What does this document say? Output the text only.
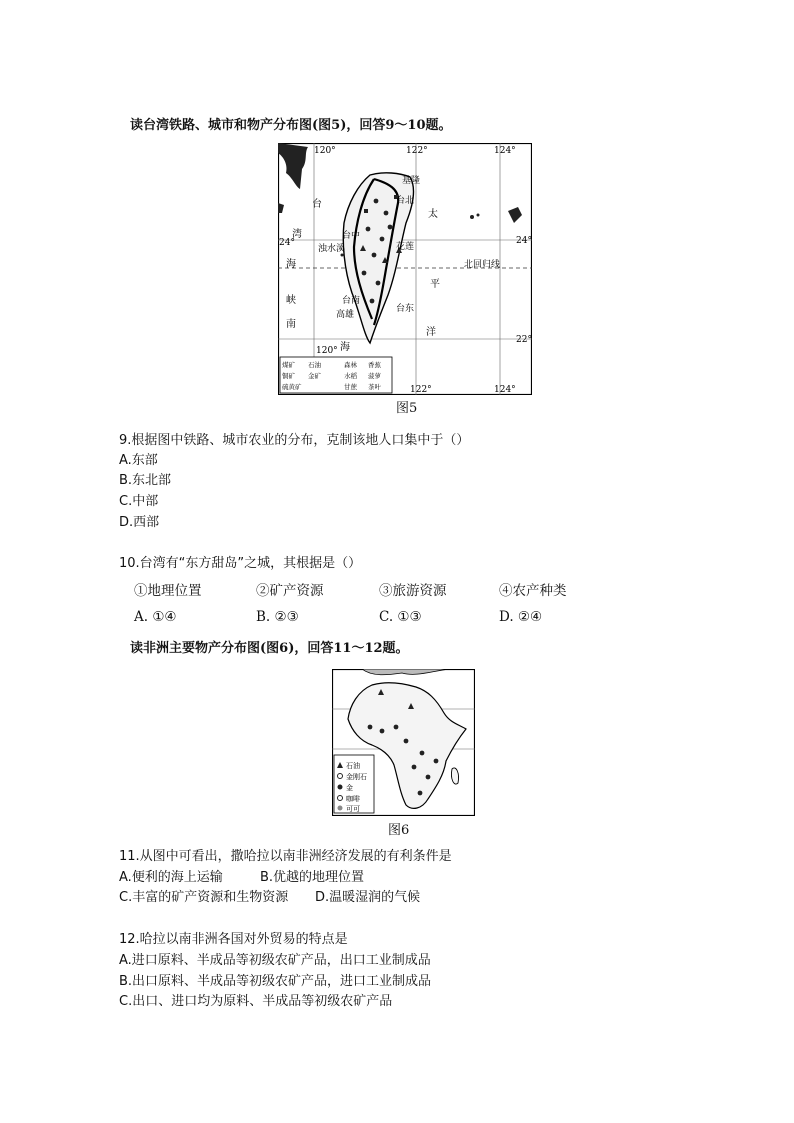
读台湾铁路、城市和物产分布图(图5)，回答9～10题。
120°	122°	124°
120°
122°	124°
24°	24°
22°
北回归线
台
湾
海
峡
南
海
太
平
洋
基隆
台北
台中
浊水溪	花莲
台南
高雄
台东
煤矿 石油	森林 香蕉
铜矿 金矿	水稻 菠萝
硫黄矿	甘蔗 茶叶
图5
9.根据图中铁路、城市农业的分布，克制该地人口集中于（）
A.东部
B.东北部
C.中部
D.西部
10.台湾有“东方甜岛”之城，其根据是（）
①地理位置	②矿产资源	③旅游资源	④农产种类
A. ①④	B. ②③	C. ①③	D. ②④
读非洲主要物产分布图(图6)，回答11～12题。
石油
金刚石
金
咖啡
可可
图6
11.从图中可看出，撒哈拉以南非洲经济发展的有利条件是
A.便利的海上运输	B.优越的地理位置
C.丰富的矿产资源和生物资源 D.温暖湿润的气候
12.哈拉以南非洲各国对外贸易的特点是
A.进口原料、半成品等初级农矿产品，出口工业制成品
B.出口原料、半成品等初级农矿产品，进口工业制成品
C.出口、进口均为原料、半成品等初级农矿产品
